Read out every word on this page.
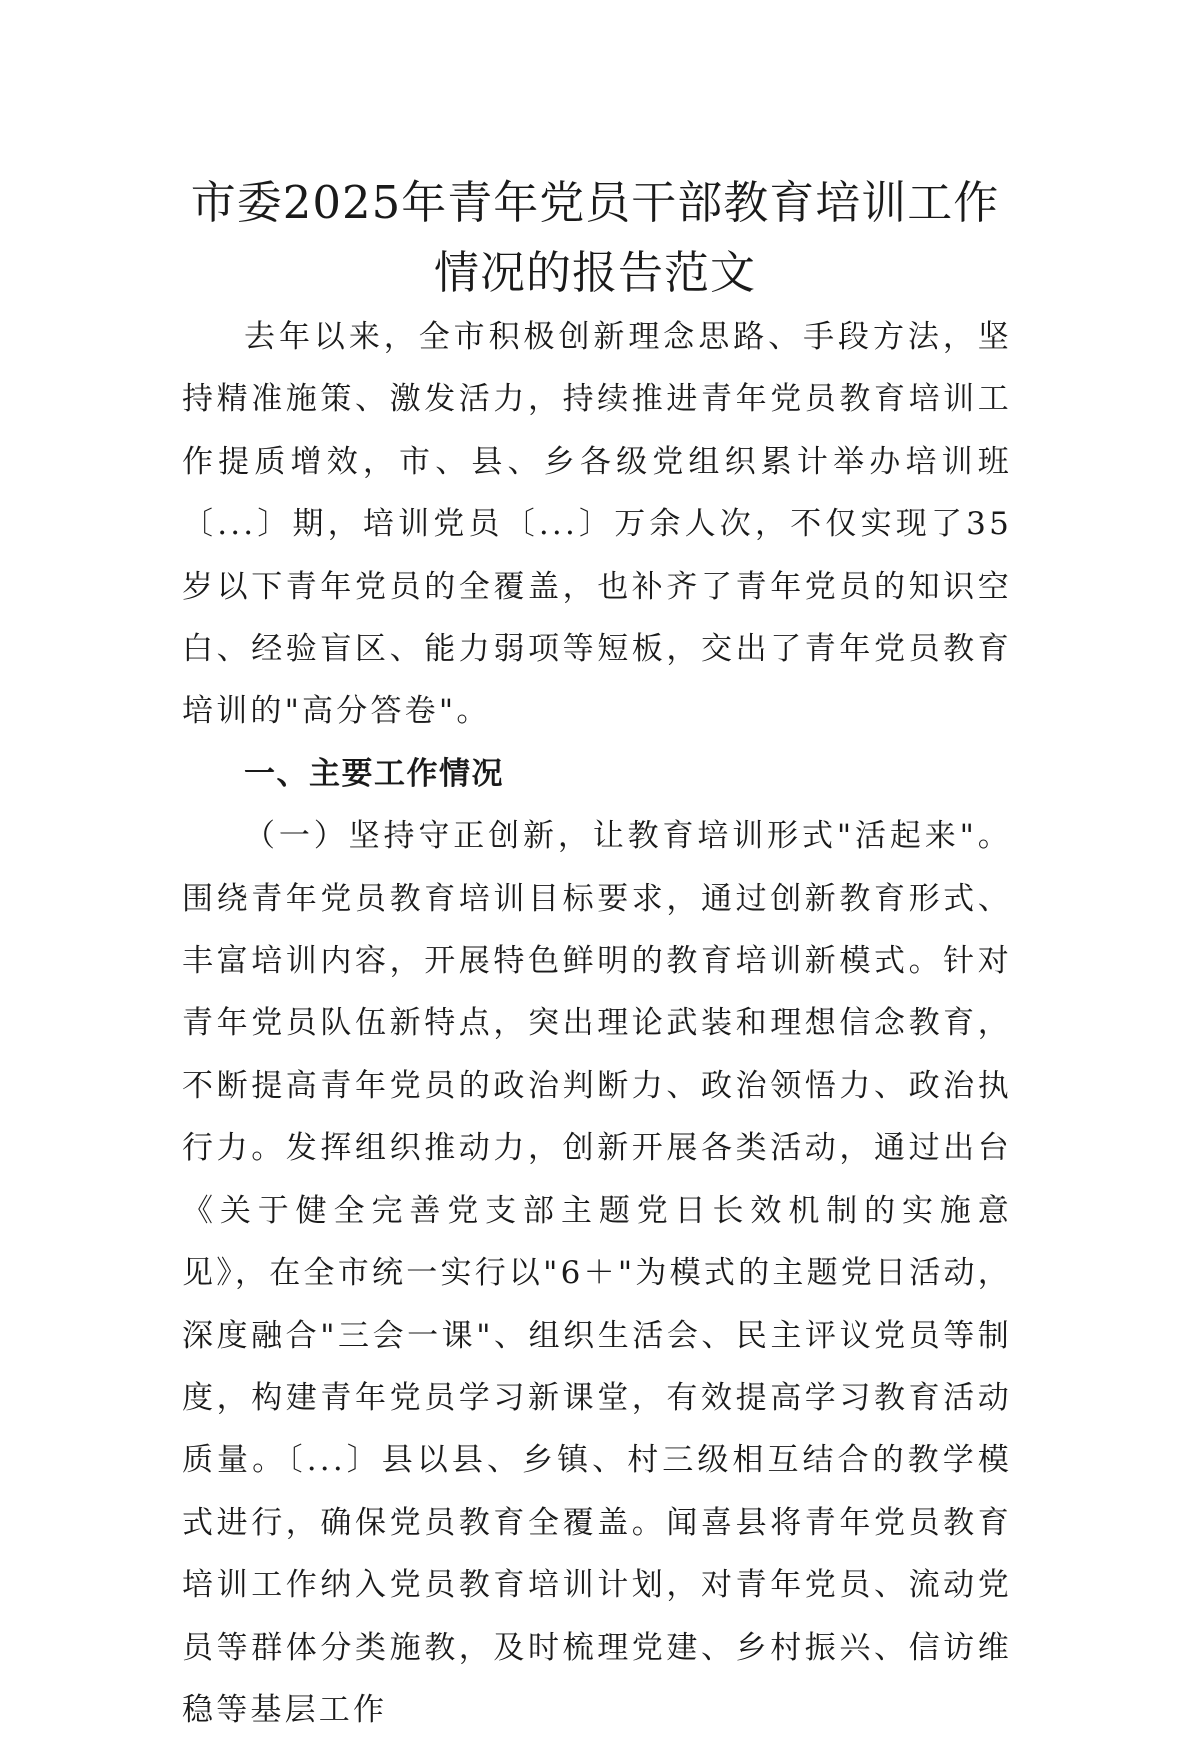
市委2025年青年党员干部教育培训工作情况的报告范文

去年以来，全市积极创新理念思路、手段方法，坚持精准施策、激发活力，持续推进青年党员教育培训工作提质增效，市、县、乡各级党组织累计举办培训班〔...〕期，培训党员〔...〕万余人次，不仅实现了35岁以下青年党员的全覆盖，也补齐了青年党员的知识空白、经验盲区、能力弱项等短板，交出了青年党员教育培训的"高分答卷"。

一、主要工作情况

（一）坚持守正创新，让教育培训形式"活起来"。围绕青年党员教育培训目标要求，通过创新教育形式、丰富培训内容，开展特色鲜明的教育培训新模式。针对青年党员队伍新特点，突出理论武装和理想信念教育，不断提高青年党员的政治判断力、政治领悟力、政治执行力。发挥组织推动力，创新开展各类活动，通过出台《关于健全完善党支部主题党日长效机制的实施意见》，在全市统一实行以"6＋"为模式的主题党日活动，深度融合"三会一课"、组织生活会、民主评议党员等制度，构建青年党员学习新课堂，有效提高学习教育活动质量。〔...〕县以县、乡镇、村三级相互结合的教学模式进行，确保党员教育全覆盖。闻喜县将青年党员教育培训工作纳入党员教育培训计划，对青年党员、流动党员等群体分类施教，及时梳理党建、乡村振兴、信访维稳等基层工作
